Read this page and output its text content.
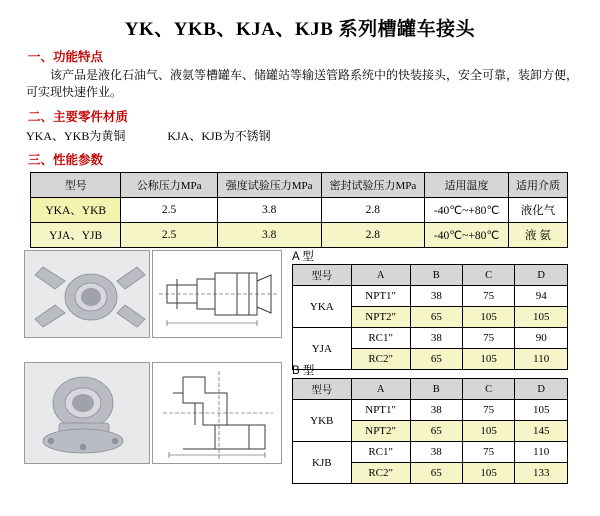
YK、YKB、KJA、KJB 系列槽罐车接头
一、功能特点
该产品是液化石油气、液氨等槽罐车、储罐站等输送管路系统中的快装接头，安全可靠，装卸方便，可实现快速作业。
二、主要零件材质
YKA、YKB为黄铜	KJA、KJB为不锈钢
三、性能参数
型号	公称压力MPa	强度试验压力MPa	密封试验压力MPa	适用温度	适用介质
YKA、YKB	2.5	3.8	2.8	-40℃~+80℃	液化气
YJA、YJB	2.5	3.8	2.8	-40℃~+80℃	液 氨
A 型
型号	A	B	C	D
YKA	NPT1"	38	75	94
	NPT2"	65	105	105
YJA	RC1"	38	75	90
	RC2"	65	105	110
B 型
型号	A	B	C	D
YKB	NPT1"	38	75	105
	NPT2"	65	105	145
KJB	RC1"	38	75	110
	RC2"	65	105	133
